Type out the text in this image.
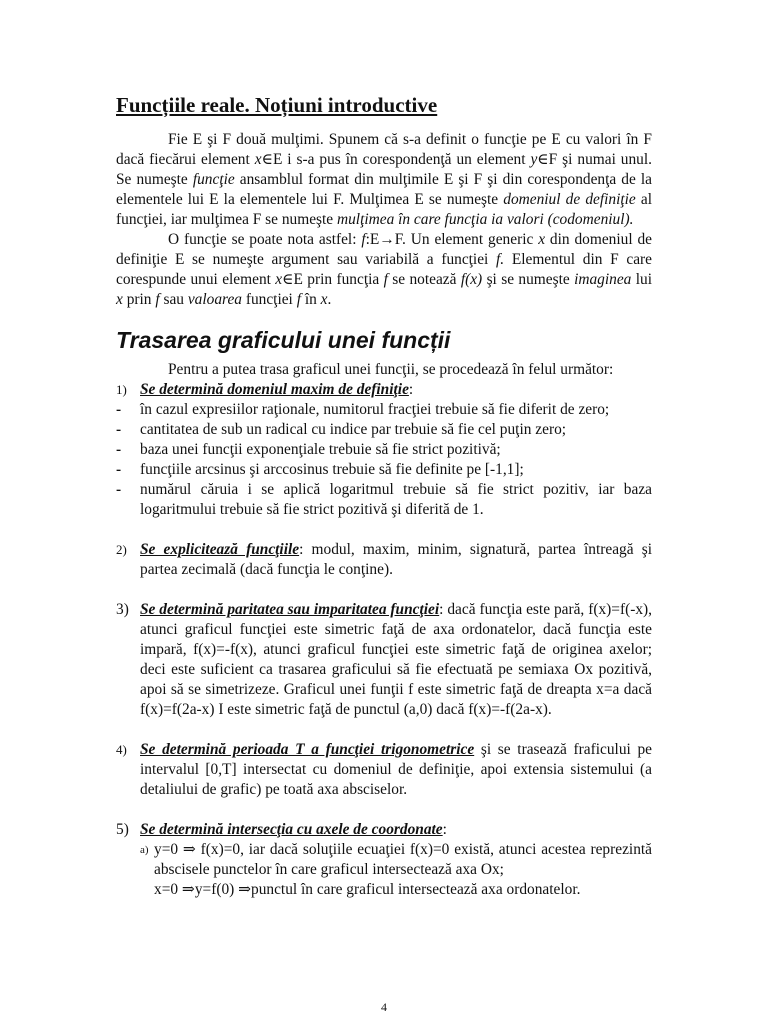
Funcțiile reale. Noțiuni introductive

Fie E şi F două mulţimi. Spunem că s-a definit o funcţie pe E cu valori în F dacă fiecărui element x∈E i s-a pus în corespondenţă un element y∈F şi numai unul. Se numeşte funcţie ansamblul format din mulţimile E şi F şi din corespondenţa de la elementele lui E la elementele lui F. Mulţimea E se numeşte domeniul de definiţie al funcţiei, iar mulţimea F se numeşte mulţimea în care funcţia ia valori (codomeniul).

O funcţie se poate nota astfel: f:E→F. Un element generic x din domeniul de definiţie E se numeşte argument sau variabilă a funcţiei f. Elementul din F care corespunde unui element x∈E prin funcţia f se notează f(x) şi se numeşte imaginea lui x prin f sau valoarea funcţiei f în x.

Trasarea graficului unei funcții

Pentru a putea trasa graficul unei funcţii, se procedează în felul următor:

1) Se determină domeniul maxim de definiţie:
-	în cazul expresiilor raţionale, numitorul fracţiei trebuie să fie diferit de zero;
-	cantitatea de sub un radical cu indice par trebuie să fie cel puţin zero;
-	baza unei funcţii exponenţiale trebuie să fie strict pozitivă;
-	funcţiile arcsinus şi arccosinus trebuie să fie definite pe [-1,1];
-	numărul căruia i se aplică logaritmul trebuie să fie strict pozitiv, iar baza logaritmului trebuie să fie strict pozitivă şi diferită de 1.
2) Se explicitează funcţiile: modul, maxim, minim, signatură, partea întreagă şi partea zecimală (dacă funcţia le conţine).
3) Se determină paritatea sau imparitatea funcţiei: dacă funcţia este pară, f(x)=f(-x), atunci graficul funcţiei este simetric faţă de axa ordonatelor, dacă funcţia este impară, f(x)=-f(x), atunci graficul funcţiei este simetric faţă de originea axelor; deci este suficient ca trasarea graficului să fie efectuată pe semiaxa Ox pozitivă, apoi să se simetrizeze. Graficul unei funţii f este simetric faţă de dreapta x=a dacă f(x)=f(2a-x) I este simetric faţă de punctul (a,0) dacă f(x)=-f(2a-x).
4) Se determină perioada T a funcţiei trigonometrice şi se trasează fraficului pe intervalul [0,T] intersectat cu domeniul de definiţie, apoi extensia sistemului (a detaliului de grafic) pe toată axa absciselor.
5) Se determină intersecţia cu axele de coordonate:
a) y=0 ⇒ f(x)=0, iar dacă soluţiile ecuaţiei f(x)=0 există, atunci acestea reprezintă abscisele punctelor în care graficul intersectează axa Ox;
x=0 ⇒y=f(0) ⇒punctul în care graficul intersectează axa ordonatelor.
4
